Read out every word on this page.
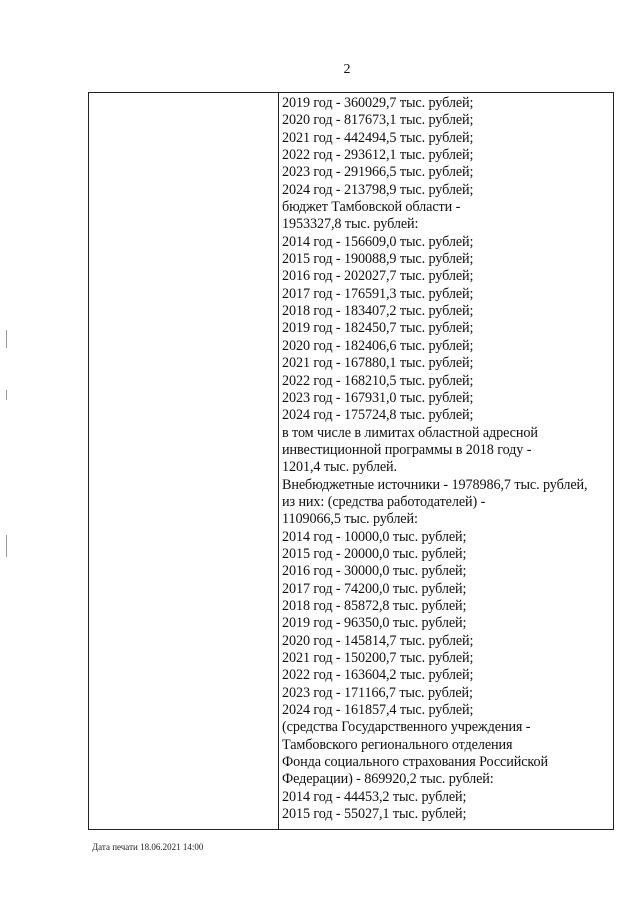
2
2019 год - 360029,7 тыс. рублей;
2020 год - 817673,1 тыс. рублей;
2021 год - 442494,5 тыс. рублей;
2022 год - 293612,1 тыс. рублей;
2023 год - 291966,5 тыс. рублей;
2024 год - 213798,9 тыс. рублей;
бюджет Тамбовской области -
1953327,8 тыс. рублей:
2014 год - 156609,0 тыс. рублей;
2015 год - 190088,9 тыс. рублей;
2016 год - 202027,7 тыс. рублей;
2017 год - 176591,3 тыс. рублей;
2018 год - 183407,2 тыс. рублей;
2019 год - 182450,7 тыс. рублей;
2020 год - 182406,6 тыс. рублей;
2021 год - 167880,1 тыс. рублей;
2022 год - 168210,5 тыс. рублей;
2023 год - 167931,0 тыс. рублей;
2024 год - 175724,8 тыс. рублей;
в том числе в лимитах областной адресной
инвестиционной программы в 2018 году -
1201,4 тыс. рублей.
Внебюджетные источники - 1978986,7 тыс. рублей,
из них: (средства работодателей) -
1109066,5 тыс. рублей:
2014 год - 10000,0 тыс. рублей;
2015 год - 20000,0 тыс. рублей;
2016 год - 30000,0 тыс. рублей;
2017 год - 74200,0 тыс. рублей;
2018 год - 85872,8 тыс. рублей;
2019 год - 96350,0 тыс. рублей;
2020 год - 145814,7 тыс. рублей;
2021 год - 150200,7 тыс. рублей;
2022 год - 163604,2 тыс. рублей;
2023 год - 171166,7 тыс. рублей;
2024 год - 161857,4 тыс. рублей;
(средства Государственного учреждения -
Тамбовского регионального отделения
Фонда социального страхования Российской
Федерации) - 869920,2 тыс. рублей:
2014 год - 44453,2 тыс. рублей;
2015 год - 55027,1 тыс. рублей;
Дата печати 18.06.2021 14:00
